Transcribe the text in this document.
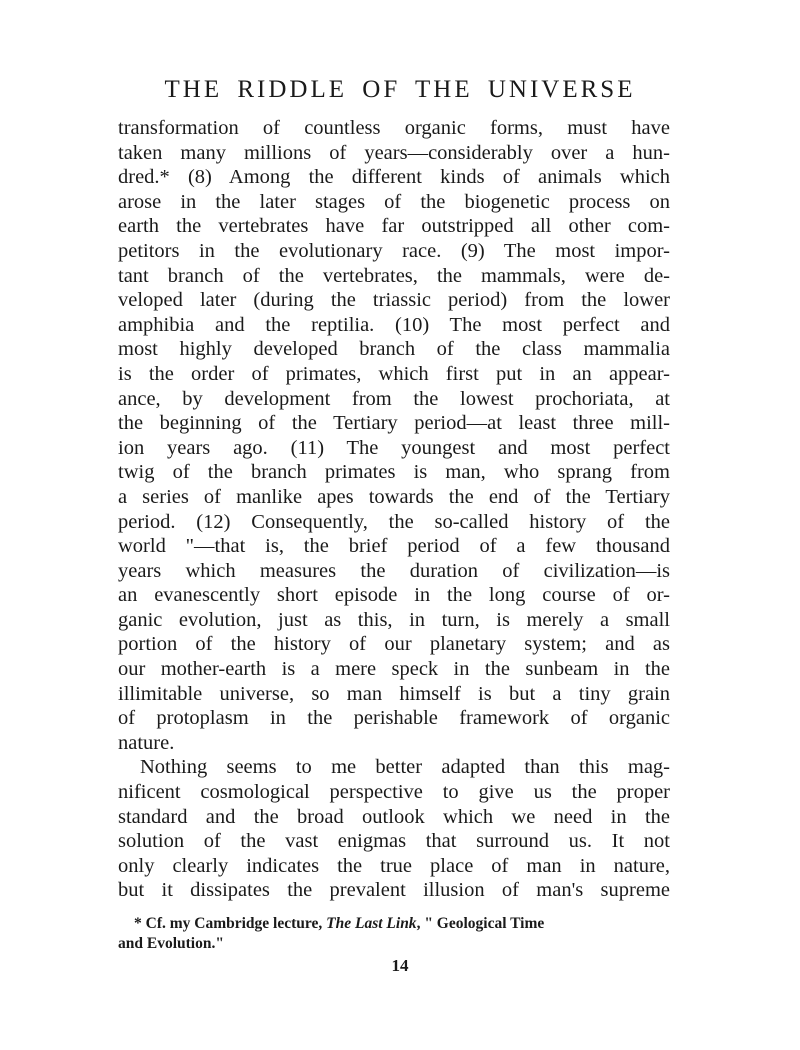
THE RIDDLE OF THE UNIVERSE
transformation of countless organic forms, must have
taken many millions of years—considerably over a hun-
dred.* (8) Among the different kinds of animals which
arose in the later stages of the biogenetic process on
earth the vertebrates have far outstripped all other com-
petitors in the evolutionary race. (9) The most impor-
tant branch of the vertebrates, the mammals, were de-
veloped later (during the triassic period) from the lower
amphibia and the reptilia. (10) The most perfect and
most highly developed branch of the class mammalia
is the order of primates, which first put in an appear-
ance, by development from the lowest prochoriata, at
the beginning of the Tertiary period—at least three mill-
ion years ago. (11) The youngest and most perfect
twig of the branch primates is man, who sprang from
a series of manlike apes towards the end of the Tertiary
period. (12) Consequently, the so-called history of the
world "—that is, the brief period of a few thousand
years which measures the duration of civilization—is
an evanescently short episode in the long course of or-
ganic evolution, just as this, in turn, is merely a small
portion of the history of our planetary system; and as
our mother-earth is a mere speck in the sunbeam in the
illimitable universe, so man himself is but a tiny grain
of protoplasm in the perishable framework of organic
nature.
Nothing seems to me better adapted than this mag-
nificent cosmological perspective to give us the proper
standard and the broad outlook which we need in the
solution of the vast enigmas that surround us. It not
only clearly indicates the true place of man in nature,
but it dissipates the prevalent illusion of man's supreme
* Cf. my Cambridge lecture, The Last Link, " Geological Time
and Evolution."
14
